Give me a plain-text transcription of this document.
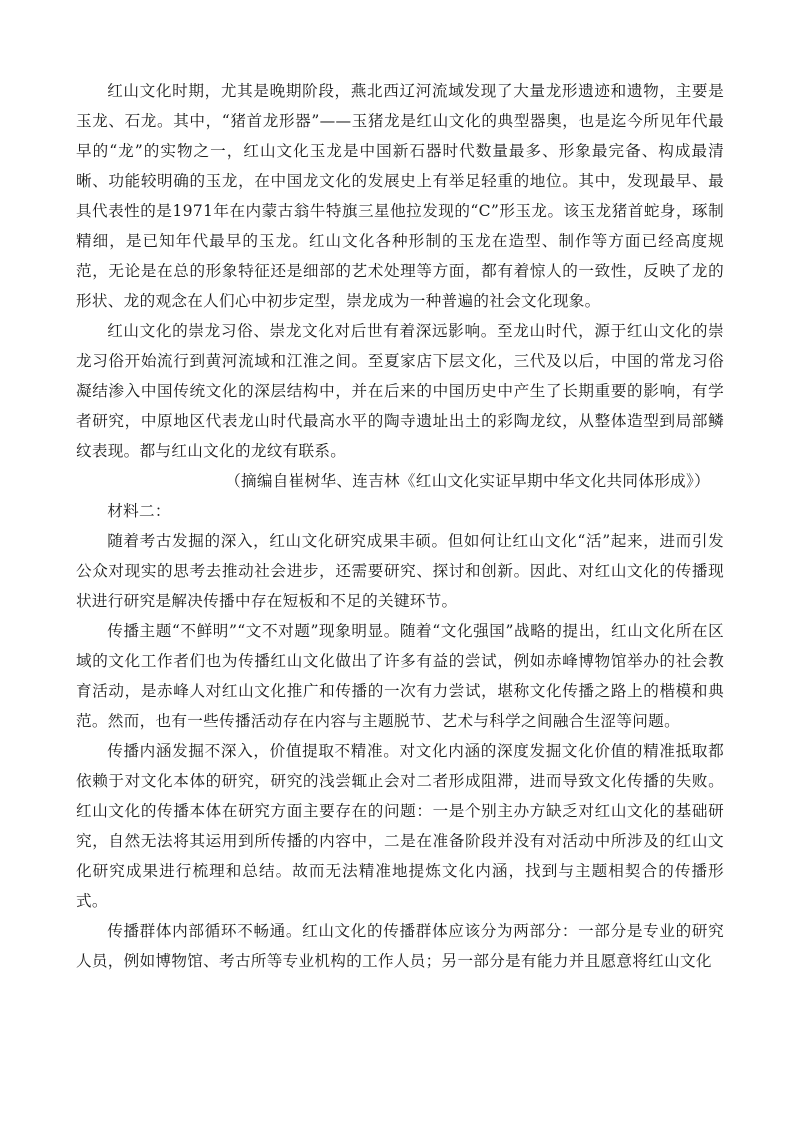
红山文化时期，尤其是晚期阶段，燕北西辽河流域发现了大量龙形遗迹和遗物，主要是玉龙、石龙。其中，“猪首龙形器”——玉猪龙是红山文化的典型器奥，也是迄今所见年代最早的“龙”的实物之一，红山文化玉龙是中国新石器时代数量最多、形象最完备、构成最清晰、功能较明确的玉龙，在中国龙文化的发展史上有举足轻重的地位。其中，发现最早、最具代表性的是1971年在内蒙古翁牛特旗三星他拉发现的“C”形玉龙。该玉龙猪首蛇身，琢制精细，是已知年代最早的玉龙。红山文化各种形制的玉龙在造型、制作等方面已经高度规范，无论是在总的形象特征还是细部的艺术处理等方面，都有着惊人的一致性，反映了龙的形状、龙的观念在人们心中初步定型，崇龙成为一种普遍的社会文化现象。

红山文化的崇龙习俗、崇龙文化对后世有着深远影响。至龙山时代，源于红山文化的崇龙习俗开始流行到黄河流域和江淮之间。至夏家店下层文化，三代及以后，中国的常龙习俗凝结渗入中国传统文化的深层结构中，并在后来的中国历史中产生了长期重要的影响，有学者研究，中原地区代表龙山时代最高水平的陶寺遗址出土的彩陶龙纹，从整体造型到局部鳞纹表现。都与红山文化的龙纹有联系。

（摘编自崔树华、连吉林《红山文化实证早期中华文化共同体形成》）

材料二：

随着考古发掘的深入，红山文化研究成果丰硕。但如何让红山文化“活”起来，进而引发公众对现实的思考去推动社会进步，还需要研究、探讨和创新。因此、对红山文化的传播现状进行研究是解决传播中存在短板和不足的关键环节。

传播主题“不鲜明”“文不对题”现象明显。随着“文化强国”战略的提出，红山文化所在区域的文化工作者们也为传播红山文化做出了许多有益的尝试，例如赤峰博物馆举办的社会教育活动，是赤峰人对红山文化推广和传播的一次有力尝试，堪称文化传播之路上的楷模和典范。然而，也有一些传播活动存在内容与主题脱节、艺术与科学之间融合生涩等问题。

传播内涵发掘不深入，价值提取不精准。对文化内涵的深度发掘文化价值的精准抵取都依赖于对文化本体的研究，研究的浅尝辄止会对二者形成阻滞，进而导致文化传播的失败。红山文化的传播本体在研究方面主要存在的问题：一是个别主办方缺乏对红山文化的基础研究，自然无法将其运用到所传播的内容中，二是在准备阶段并没有对活动中所涉及的红山文化研究成果进行梳理和总结。故而无法精准地提炼文化内涵，找到与主题相契合的传播形式。

传播群体内部循环不畅通。红山文化的传播群体应该分为两部分：一部分是专业的研究人员，例如博物馆、考古所等专业机构的工作人员；另一部分是有能力并且愿意将红山文化
